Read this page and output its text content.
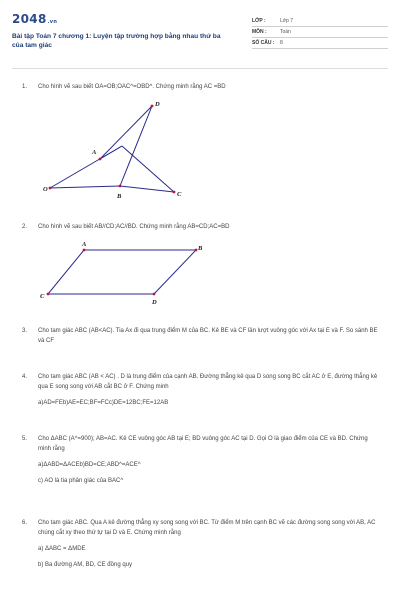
2048.vn
Bài tập Toán 7 chương 1: Luyện tập trường hợp bằng nhau thứ ba của tam giác
LỚP :	Lớp 7
MÔN :	Toán
SỐ CÂU :	8
1.	Cho hình vẽ sau biết OA=OB;OAC^=OBD^. Chứng minh rằng AC =BD
O
A
B	C
D
2.	Cho hình vẽ sau biết AB//CD;AC//BD. Chứng minh rằng AB=CD;AC=BD
A
B
C
D
3.	Cho tam giác ABC (AB<AC). Tia Ax đi qua trung điểm M của BC. Kẻ BE và CF lần lượt vuông góc với Ax tại E và F. So sánh BE và CF
4.	Cho tam giác ABC (AB < AC) . D là trung điểm của cạnh AB. Đường thẳng kẻ qua D song song BC cắt AC ở E, đường thẳng kẻ qua E song song với AB cắt BC ở F. Chứng minh
a)AD=FEb)AE=EC;BF=FCc)DE=12BC;FE=12AB
5.	Cho ΔABC (A^=900); AB=AC. Kẻ CE vuông góc AB tại E; BD vuông góc AC tại D. Gọi O là giao điểm của CE và BD. Chứng minh rằng
a)ΔABD=ΔACEb)BD=CE;ABD^=ACE^
c) AO là tia phân giác của BAC^
6.	Cho tam giác ABC. Qua A kẻ đường thẳng xy song song với BC. Từ điểm M trên cạnh BC vẽ các đường song song với AB, AC chúng cắt xy theo thứ tự tại D và E. Chứng minh rằng
a) ΔABC = ΔMDE
b) Ba đường AM, BD, CE đồng quy
